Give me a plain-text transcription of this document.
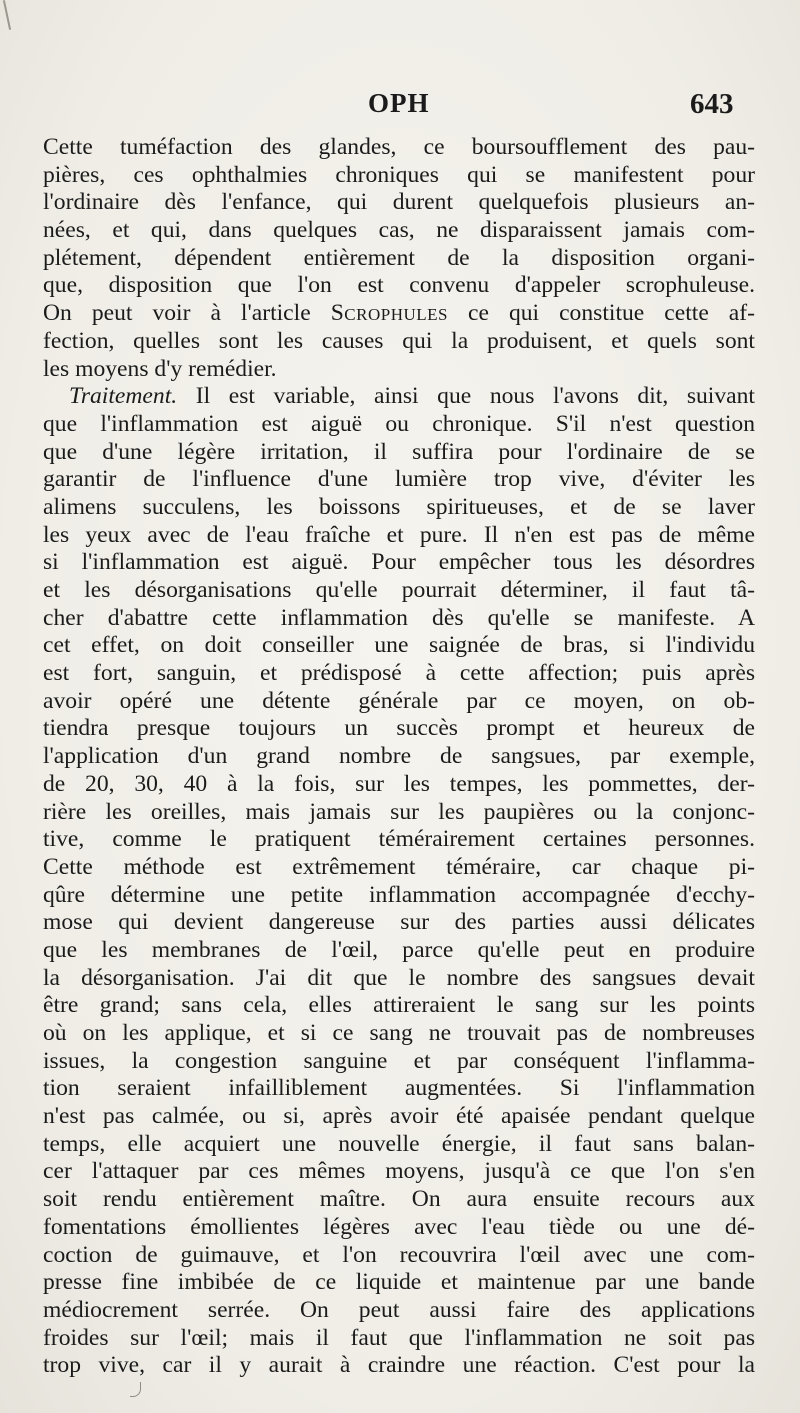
OPH	643
Cette tuméfaction des glandes, ce boursoufflement des pau-
pières, ces ophthalmies chroniques qui se manifestent pour
l'ordinaire dès l'enfance, qui durent quelquefois plusieurs an-
nées, et qui, dans quelques cas, ne disparaissent jamais com-
plétement, dépendent entièrement de la disposition organi-
que, disposition que l'on est convenu d'appeler scrophuleuse.
On peut voir à l'article Scrophules ce qui constitue cette af-
fection, quelles sont les causes qui la produisent, et quels sont
les moyens d'y remédier.
Traitement. Il est variable, ainsi que nous l'avons dit, suivant
que l'inflammation est aiguë ou chronique. S'il n'est question
que d'une légère irritation, il suffira pour l'ordinaire de se
garantir de l'influence d'une lumière trop vive, d'éviter les
alimens succulens, les boissons spiritueuses, et de se laver
les yeux avec de l'eau fraîche et pure. Il n'en est pas de même
si l'inflammation est aiguë. Pour empêcher tous les désordres
et les désorganisations qu'elle pourrait déterminer, il faut tâ-
cher d'abattre cette inflammation dès qu'elle se manifeste. A
cet effet, on doit conseiller une saignée de bras, si l'individu
est fort, sanguin, et prédisposé à cette affection; puis après
avoir opéré une détente générale par ce moyen, on ob-
tiendra presque toujours un succès prompt et heureux de
l'application d'un grand nombre de sangsues, par exemple,
de 20, 30, 40 à la fois, sur les tempes, les pommettes, der-
rière les oreilles, mais jamais sur les paupières ou la conjonc-
tive, comme le pratiquent témérairement certaines personnes.
Cette méthode est extrêmement téméraire, car chaque pi-
qûre détermine une petite inflammation accompagnée d'ecchy-
mose qui devient dangereuse sur des parties aussi délicates
que les membranes de l'œil, parce qu'elle peut en produire
la désorganisation. J'ai dit que le nombre des sangsues devait
être grand; sans cela, elles attireraient le sang sur les points
où on les applique, et si ce sang ne trouvait pas de nombreuses
issues, la congestion sanguine et par conséquent l'inflamma-
tion seraient infailliblement augmentées. Si l'inflammation
n'est pas calmée, ou si, après avoir été apaisée pendant quelque
temps, elle acquiert une nouvelle énergie, il faut sans balan-
cer l'attaquer par ces mêmes moyens, jusqu'à ce que l'on s'en
soit rendu entièrement maître. On aura ensuite recours aux
fomentations émollientes légères avec l'eau tiède ou une dé-
coction de guimauve, et l'on recouvrira l'œil avec une com-
presse fine imbibée de ce liquide et maintenue par une bande
médiocrement serrée. On peut aussi faire des applications
froides sur l'œil; mais il faut que l'inflammation ne soit pas
trop vive, car il y aurait à craindre une réaction. C'est pour la
